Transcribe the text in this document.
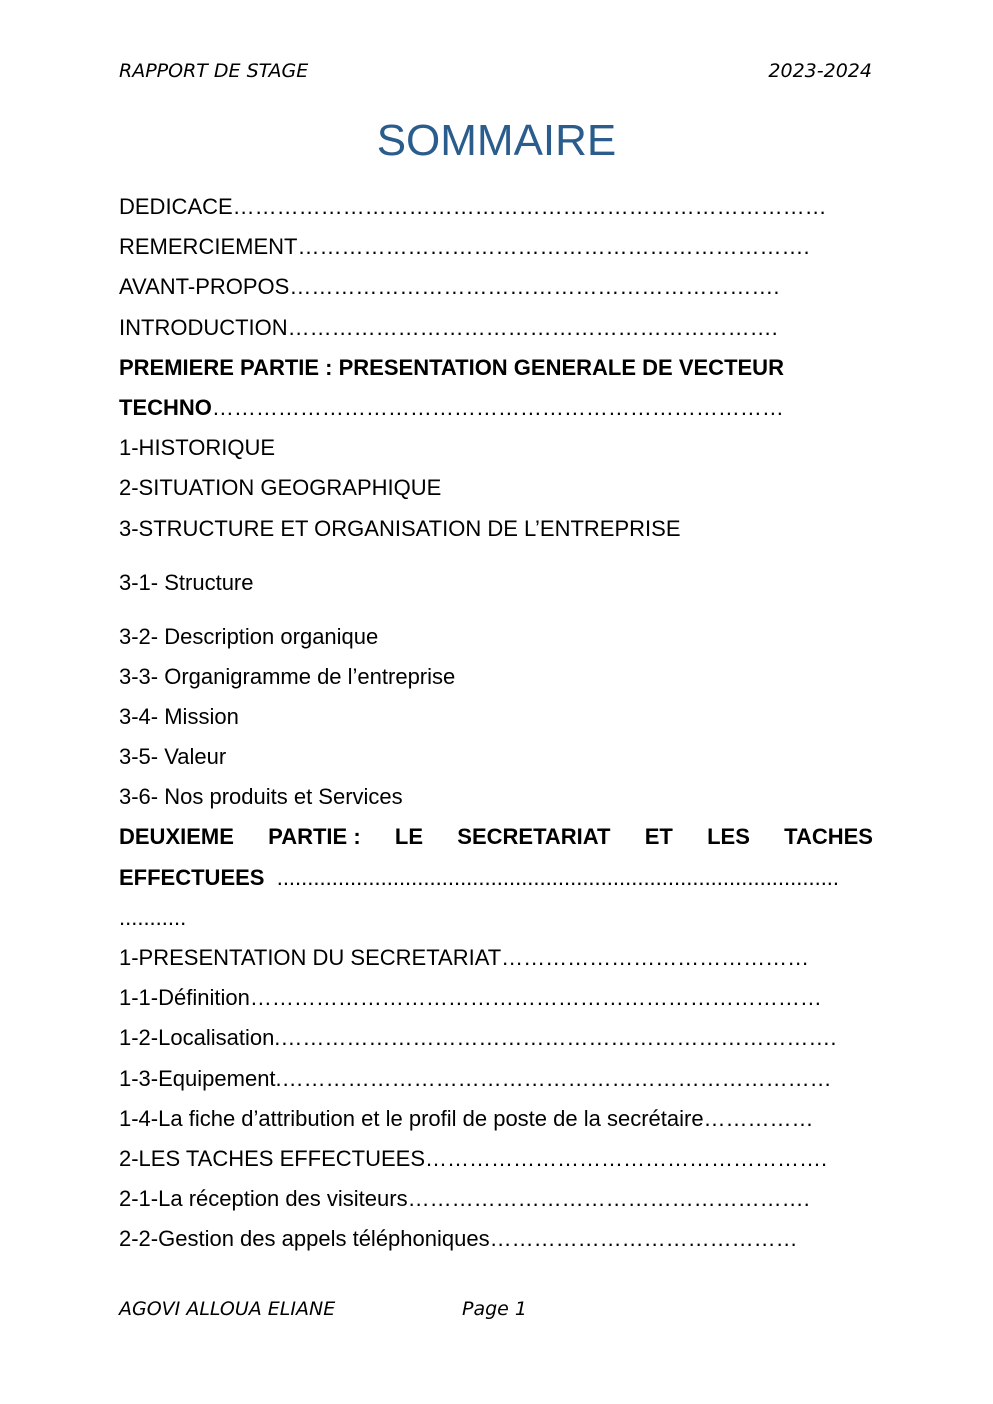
RAPPORT DE STAGE	2023-2024
SOMMAIRE
DEDICACE………………………………………………………………………
REMERCIEMENT…………………………………………………………….
AVANT-PROPOS………………………………………………………….
INTRODUCTION………………………………………………………….
PREMIERE PARTIE : PRESENTATION GENERALE DE VECTEUR
TECHNO……………………………………………………………………
1-HISTORIQUE
2-SITUATION GEOGRAPHIQUE
3-STRUCTURE ET ORGANISATION DE L’ENTREPRISE
3-1- Structure
3-2- Description organique
3-3- Organigramme de l’entreprise
3-4- Mission
3-5- Valeur
3-6- Nos produits et Services
DEUXIEME PARTIE : LE SECRETARIAT ET LES TACHES
EFFECTUEES ............................................................................................
...........
1-PRESENTATION DU SECRETARIAT……………………………………
1-1-Définition……………………………………………………………………
1-2-Localisation.………………………………………………………………….
1-3-Equipement.…………………………………………………………………
1-4-La fiche d’attribution et le profil de poste de la secrétaire……………
2-LES TACHES EFFECTUEES……………………………………………….
2-1-La réception des visiteurs……………………………………………….
2-2-Gestion des appels téléphoniques……………………………………
AGOVI ALLOUA ELIANE	Page 1
